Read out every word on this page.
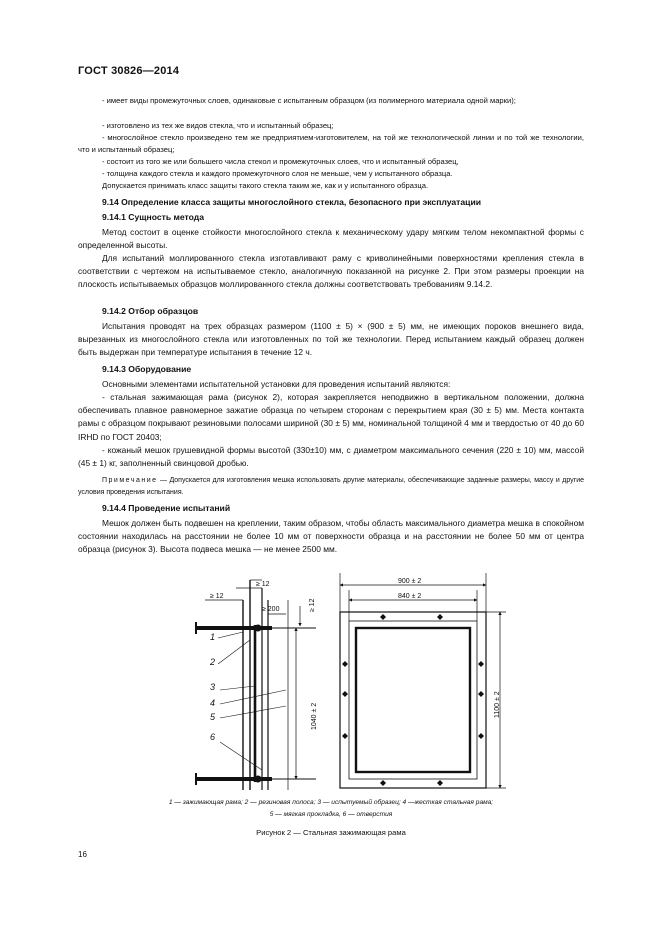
ГОСТ 30826—2014
- имеет виды промежуточных слоев, одинаковые с испытанным образцом (из полимерного материала одной марки);
- изготовлено из тех же видов стекла, что и испытанный образец;
- многослойное стекло произведено тем же предприятием-изготовителем, на той же технологической линии и по той же технологии, что и испытанный образец;
- состоит из того же или большего числа стекол и промежуточных слоев, что и испытанный образец,
- толщина каждого стекла и каждого промежуточного слоя не меньше, чем у испытанного образца.
Допускается принимать класс защиты такого стекла таким же, как и у испытанного образца.
9.14 Определение класса защиты многослойного стекла, безопасного при эксплуатации
9.14.1 Сущность метода
Метод состоит в оценке стойкости многослойного стекла к механическому удару мягким телом некомпактной формы с определенной высоты.
Для испытаний моллированного стекла изготавливают раму с криволинейными поверхностями крепления стекла в соответствии с чертежом на испытываемое стекло, аналогичную показанной на рисунке 2. При этом размеры проекции на плоскость испытываемых образцов моллированного стекла должны соответствовать требованиям 9.14.2.
9.14.2 Отбор образцов
Испытания проводят на трех образцах размером (1100 ± 5) × (900 ± 5) мм, не имеющих пороков внешнего вида, вырезанных из многослойного стекла или изготовленных по той же технологии. Перед испытанием каждый образец должен быть выдержан при температуре испытания в течение 12 ч.
9.14.3 Оборудование
Основными элементами испытательной установки для проведения испытаний являются:
- стальная зажимающая рама (рисунок 2), которая закрепляется неподвижно в вертикальном положении, должна обеспечивать плавное равномерное зажатие образца по четырем сторонам с перекрытием края (30 ± 5) мм. Места контакта рамы с образцом покрывают резиновыми полосами шириной (30 ± 5) мм, номинальной толщиной 4 мм и твердостью от 40 до 60 IRHD по ГОСТ 20403;
- кожаный мешок грушевидной формы высотой (330±10) мм, с диаметром максимального сечения (220 ± 10) мм, массой (45 ± 1) кг, заполненный свинцовой дробью.
Примечание — Допускается для изготовления мешка использовать другие материалы, обеспечивающие заданные размеры, массу и другие условия проведения испытания.
9.14.4 Проведение испытаний
Мешок должен быть подвешен на креплении, таким образом, чтобы область максимального диаметра мешка в спокойном состоянии находилась на расстоянии не более 10 мм от поверхности образца и на расстоянии не более 50 мм от центра образца (рисунок 3). Высота подвеса мешка — не менее 2500 мм.
≥ 12
≥ 12
≥ 200	≥ 12
1040 ± 2
1
2
3
4
5
6
900 ± 2
840 ± 2
1100 ± 2
1 — зажимающая рама; 2 — резиновая полоса; 3 — испытуемый образец; 4 —жесткая стальная рама;
5 — мягкая прокладка, 6 — отверстия
Рисунок 2 — Стальная зажимающая рама
16
